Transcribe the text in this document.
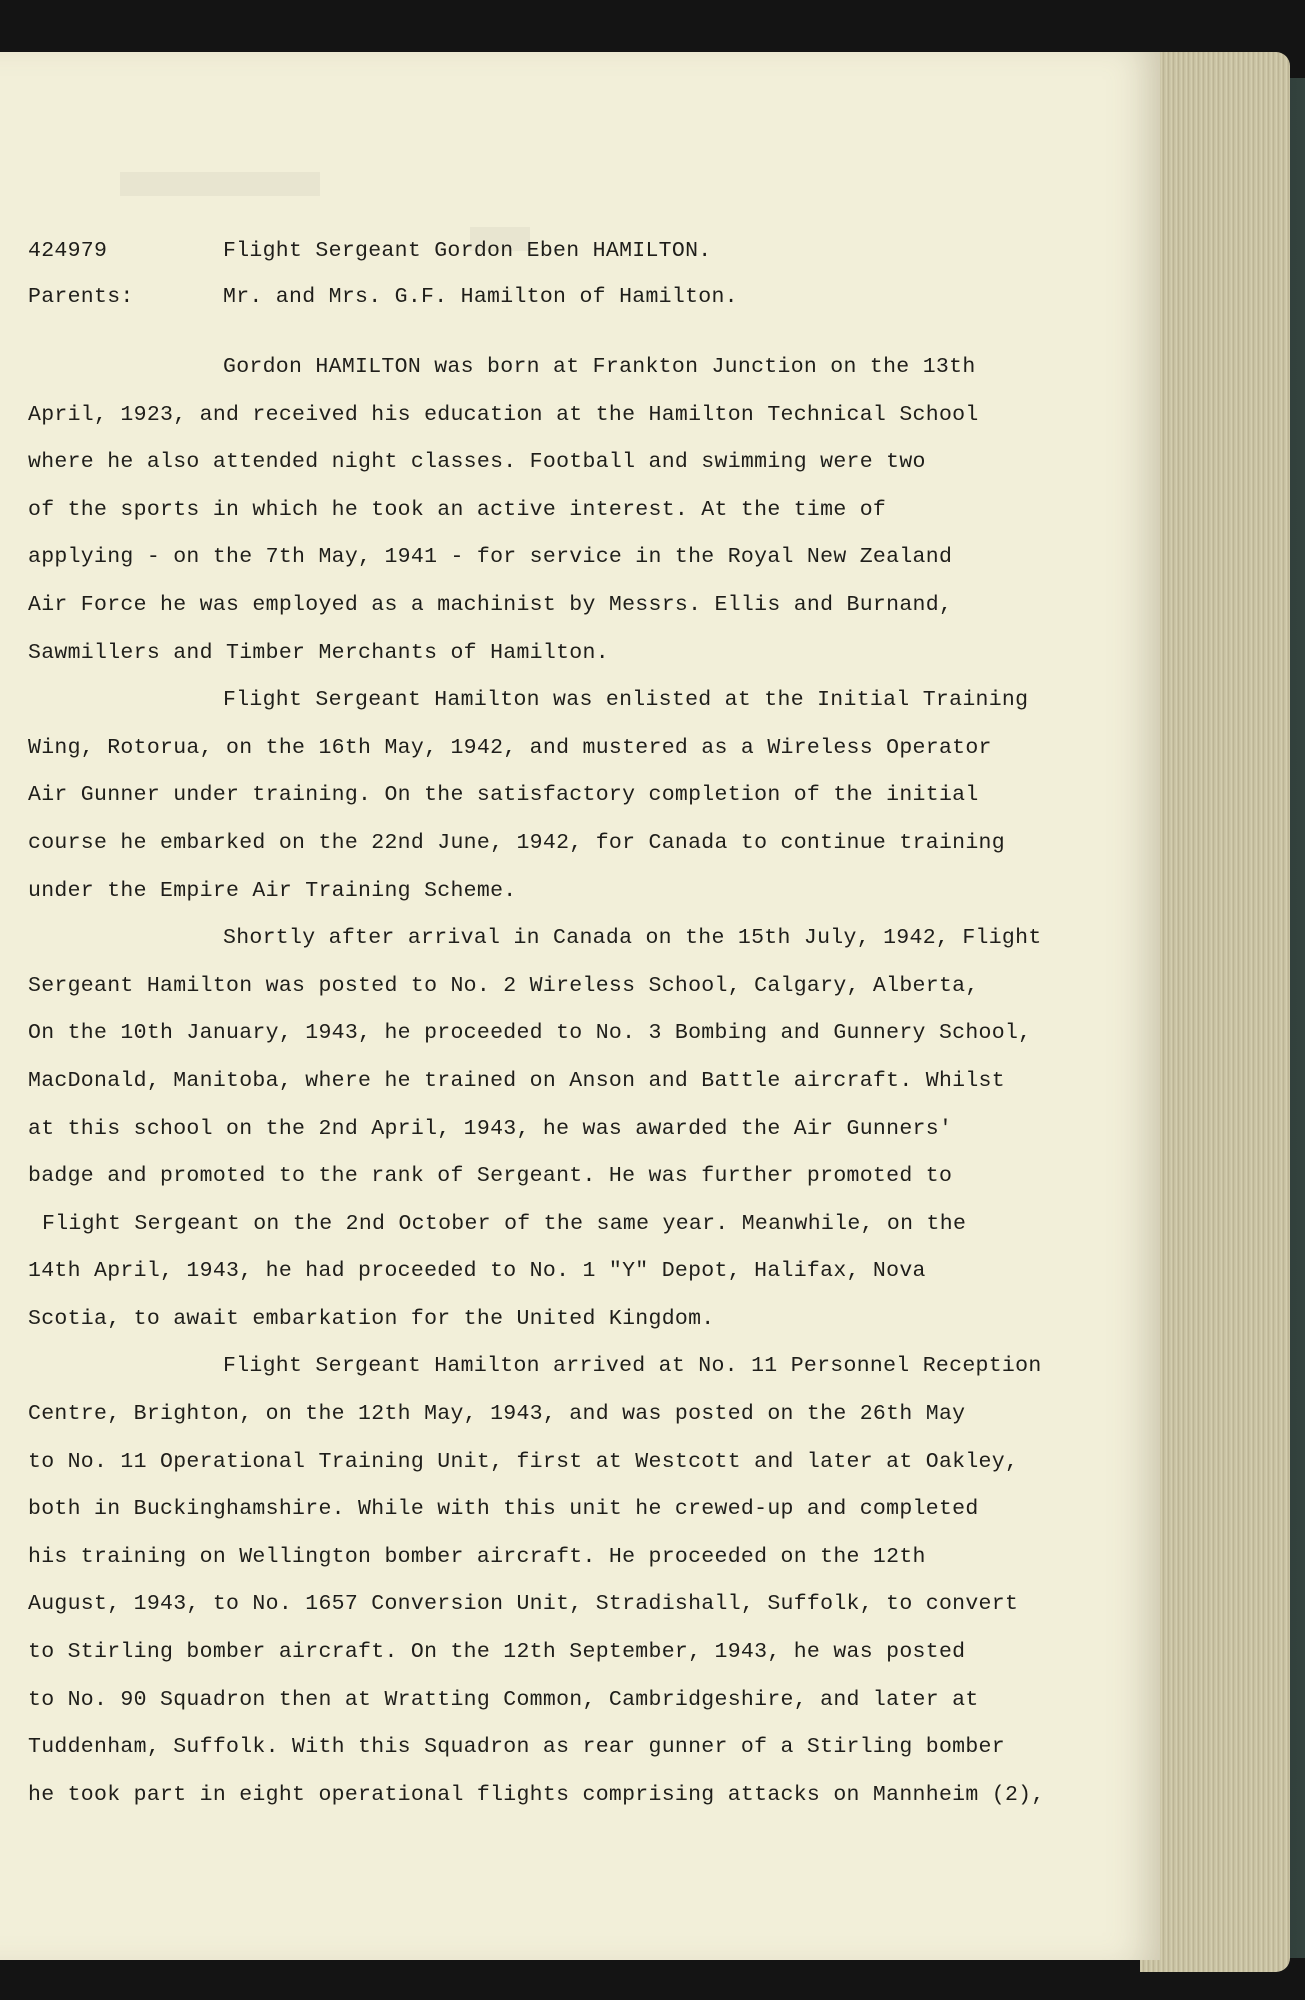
424979	Flight Sergeant Gordon Eben HAMILTON.
Parents:	Mr. and Mrs. G.F. Hamilton of Hamilton.
Gordon HAMILTON was born at Frankton Junction on the 13th
April, 1923, and received his education at the Hamilton Technical School
where he also attended night classes. Football and swimming were two
of the sports in which he took an active interest. At the time of
applying - on the 7th May, 1941 - for service in the Royal New Zealand
Air Force he was employed as a machinist by Messrs. Ellis and Burnand,
Sawmillers and Timber Merchants of Hamilton.
Flight Sergeant Hamilton was enlisted at the Initial Training
Wing, Rotorua, on the 16th May, 1942, and mustered as a Wireless Operator
Air Gunner under training. On the satisfactory completion of the initial
course he embarked on the 22nd June, 1942, for Canada to continue training
under the Empire Air Training Scheme.
Shortly after arrival in Canada on the 15th July, 1942, Flight
Sergeant Hamilton was posted to No. 2 Wireless School, Calgary, Alberta,
On the 10th January, 1943, he proceeded to No. 3 Bombing and Gunnery School,
MacDonald, Manitoba, where he trained on Anson and Battle aircraft. Whilst
at this school on the 2nd April, 1943, he was awarded the Air Gunners'
badge and promoted to the rank of Sergeant. He was further promoted to
Flight Sergeant on the 2nd October of the same year. Meanwhile, on the
14th April, 1943, he had proceeded to No. 1 "Y" Depot, Halifax, Nova
Scotia, to await embarkation for the United Kingdom.
Flight Sergeant Hamilton arrived at No. 11 Personnel Reception
Centre, Brighton, on the 12th May, 1943, and was posted on the 26th May
to No. 11 Operational Training Unit, first at Westcott and later at Oakley,
both in Buckinghamshire. While with this unit he crewed-up and completed
his training on Wellington bomber aircraft. He proceeded on the 12th
August, 1943, to No. 1657 Conversion Unit, Stradishall, Suffolk, to convert
to Stirling bomber aircraft. On the 12th September, 1943, he was posted
to No. 90 Squadron then at Wratting Common, Cambridgeshire, and later at
Tuddenham, Suffolk. With this Squadron as rear gunner of a Stirling bomber
he took part in eight operational flights comprising attacks on Mannheim (2),
